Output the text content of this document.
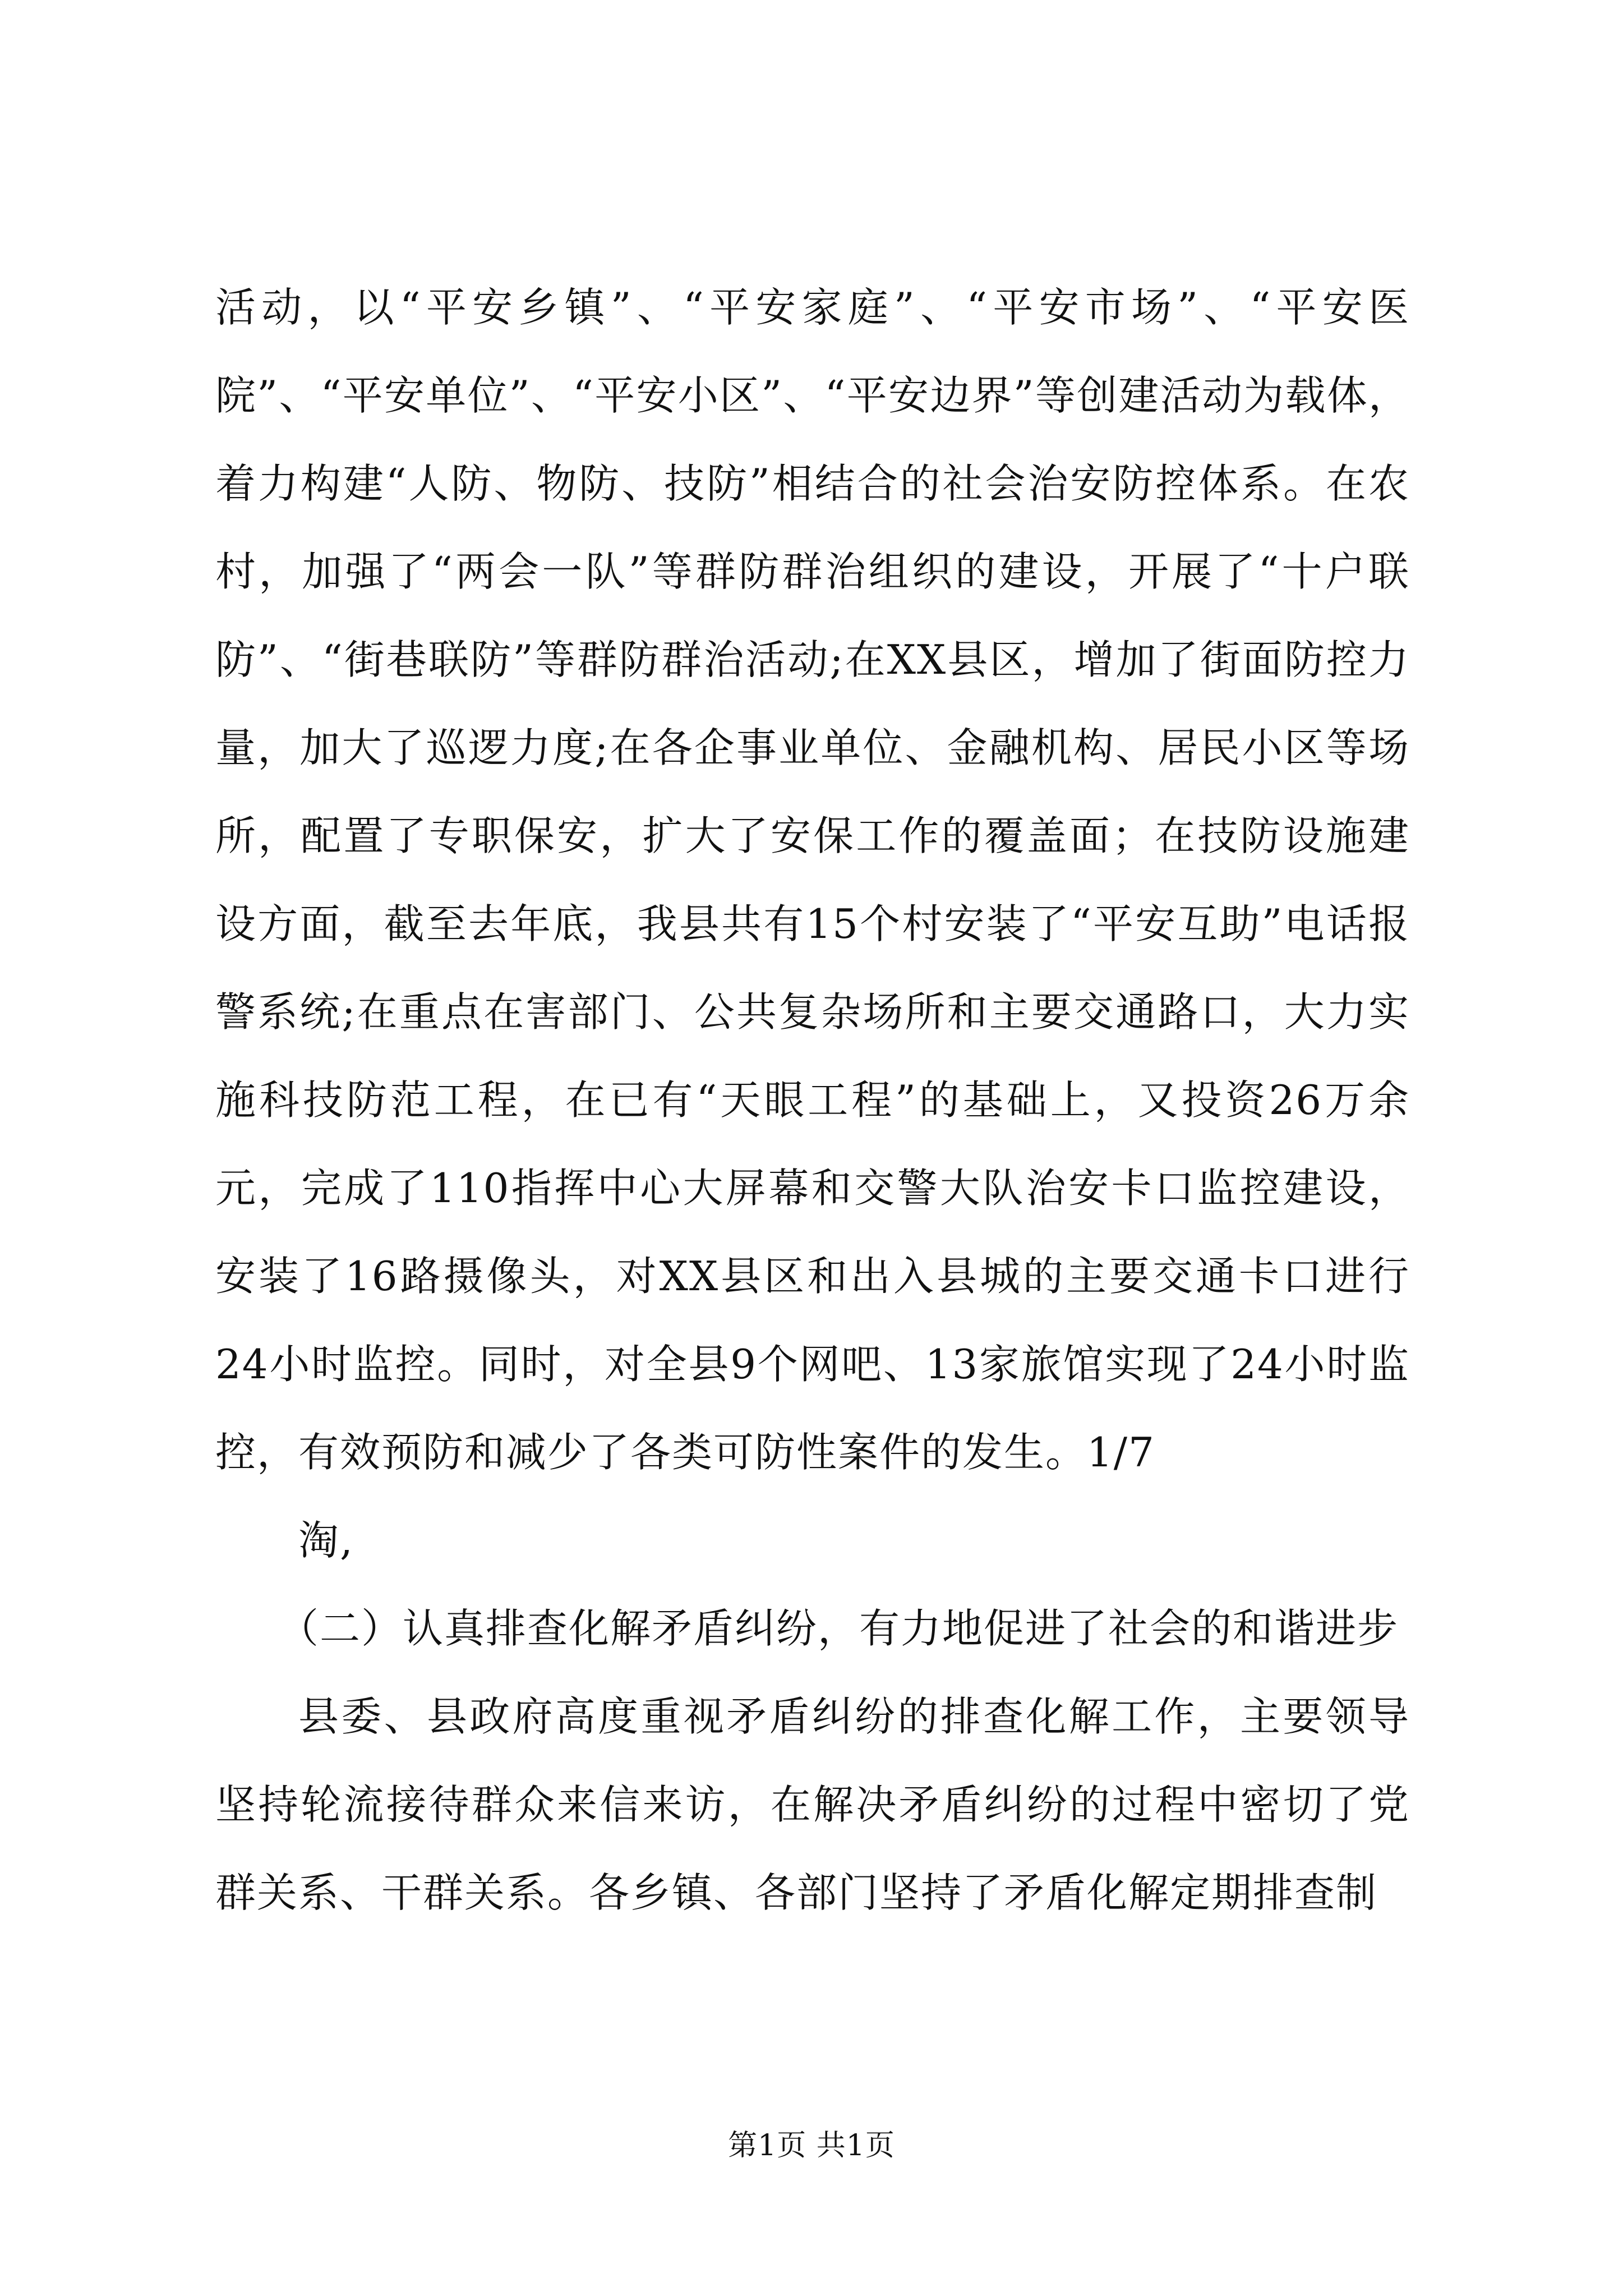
活动，以“平安乡镇”、“平安家庭”、“平安市场”、“平安医院”、“平安单位”、“平安小区”、“平安边界”等创建活动为载体，着力构建“人防、物防、技防”相结合的社会治安防控体系。在农村，加强了“两会一队”等群防群治组织的建设，开展了“十户联防”、“街巷联防”等群防群治活动;在XX县区，增加了街面防控力量，加大了巡逻力度;在各企事业单位、金融机构、居民小区等场所，配置了专职保安，扩大了安保工作的覆盖面；在技防设施建设方面，截至去年底，我县共有15个村安装了“平安互助”电话报警系统;在重点在害部门、公共复杂场所和主要交通路口，大力实施科技防范工程，在已有“天眼工程”的基础上，又投资26万余元，完成了110指挥中心大屏幕和交警大队治安卡口监控建设，安装了16路摄像头，对XX县区和出入县城的主要交通卡口进行24小时监控。同时，对全县9个网吧、13家旅馆实现了24小时监控，有效预防和减少了各类可防性案件的发生。1/7

淘,

（二）认真排查化解矛盾纠纷，有力地促进了社会的和谐进步

县委、县政府高度重视矛盾纠纷的排查化解工作，主要领导坚持轮流接待群众来信来访，在解决矛盾纠纷的过程中密切了党群关系、干群关系。各乡镇、各部门坚持了矛盾化解定期排查制

第1页 共1页
